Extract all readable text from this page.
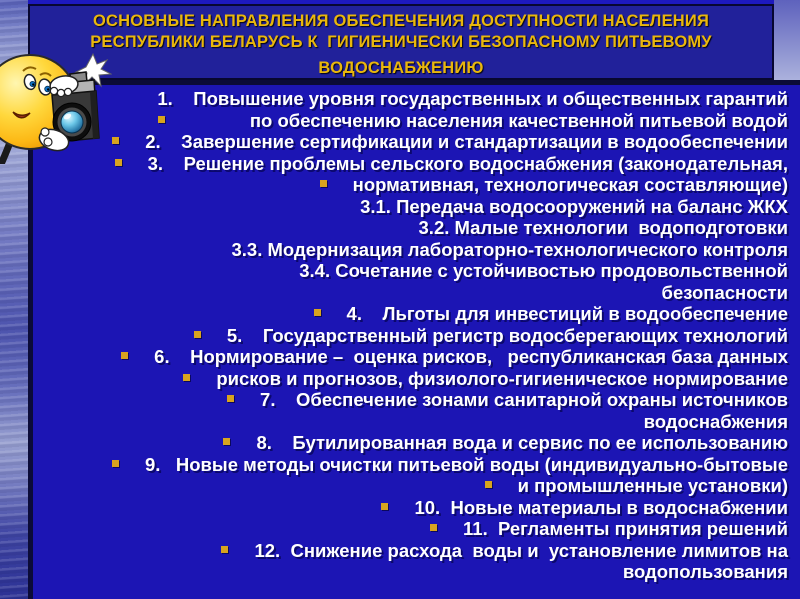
ОСНОВНЫЕ НАПРАВЛЕНИЯ ОБЕСПЕЧЕНИЯ ДОСТУПНОСТИ НАСЕЛЕНИЯ
РЕСПУБЛИКИ БЕЛАРУСЬ К  ГИГИЕНИЧЕСКИ БЕЗОПАСНОМУ ПИТЬЕВОМУ
ВОДОСНАБЖЕНИЮ
1.    Повышение уровня государственных и общественных гарантий
по обеспечению населения качественной питьевой водой
2.    Завершение сертификации и стандартизации в водообеспечении
3.    Решение проблемы сельского водоснабжения (законодательная,
нормативная, технологическая составляющие)
3.1. Передача водосооружений на баланс ЖКХ
3.2. Малые технологии  водоподготовки
3.3. Модернизация лабораторно-технологического контроля
3.4. Сочетание с устойчивостью продовольственной
безопасности
4.    Льготы для инвестиций в водообеспечение
5.    Государственный регистр водосберегающих технологий
6.    Нормирование –  оценка рисков,   республиканская база данных
рисков и прогнозов, физиолого-гигиеническое нормирование
7.    Обеспечение зонами санитарной охраны источников
водоснабжения
8.    Бутилированная вода и сервис по ее использованию
9.   Новые методы очистки питьевой воды (индивидуально-бытовые
и промышленные установки)
10.  Новые материалы в водоснабжении
11.  Регламенты принятия решений
12.  Снижение расхода  воды и  установление лимитов на
водопользования
